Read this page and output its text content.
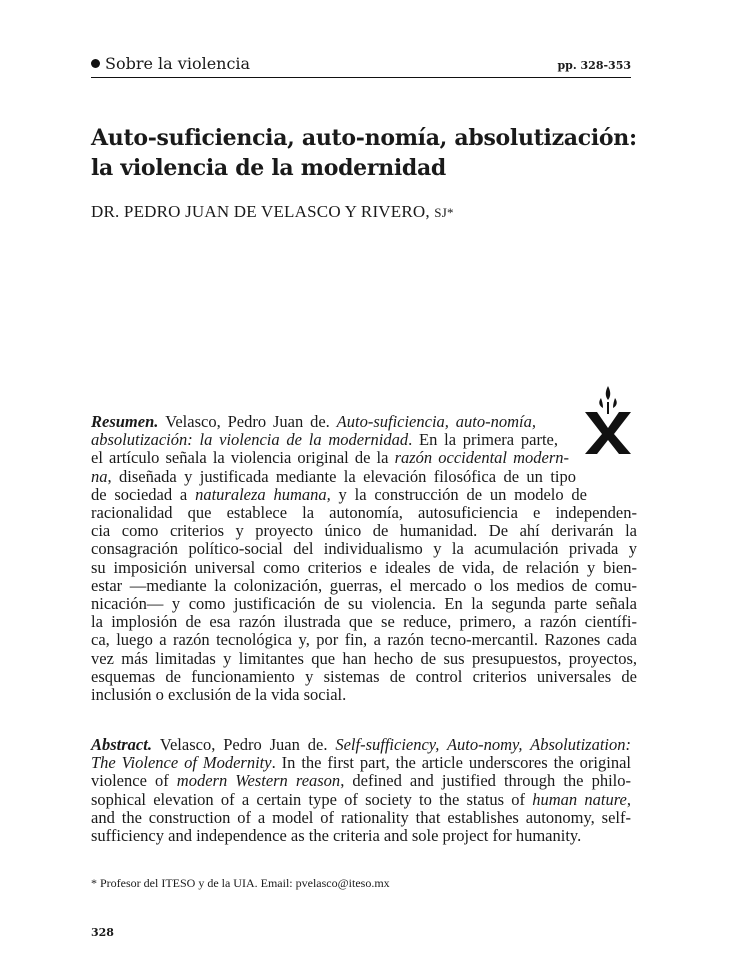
Sobre la violencia	pp. 328-353
Auto-suficiencia, auto-nomía, absolutización:
la violencia de la modernidad
DR. PEDRO JUAN DE VELASCO Y RIVERO, SJ*
Resumen. Velasco, Pedro Juan de. Auto-suficiencia, auto-nomía,
absolutización: la violencia de la modernidad. En la primera parte,
el artículo señala la violencia original de la razón occidental modern-
na, diseñada y justificada mediante la elevación filosófica de un tipo
de sociedad a naturaleza humana, y la construcción de un modelo de
racionalidad que establece la autonomía, autosuficiencia e independen-
cia como criterios y proyecto único de humanidad. De ahí derivarán la
consagración político-social del individualismo y la acumulación privada y
su imposición universal como criterios e ideales de vida, de relación y bien-
estar —mediante la colonización, guerras, el mercado o los medios de comu-
nicación— y como justificación de su violencia. En la segunda parte señala
la implosión de esa razón ilustrada que se reduce, primero, a razón científi-
ca, luego a razón tecnológica y, por fin, a razón tecno-mercantil. Razones cada
vez más limitadas y limitantes que han hecho de sus presupuestos, proyectos,
esquemas de funcionamiento y sistemas de control criterios universales de
inclusión o exclusión de la vida social.
Abstract. Velasco, Pedro Juan de. Self-sufficiency, Auto-nomy, Absolutization:
The Violence of Modernity. In the first part, the article underscores the original
violence of modern Western reason, defined and justified through the philo-
sophical elevation of a certain type of society to the status of human nature,
and the construction of a model of rationality that establishes autonomy, self-
sufficiency and independence as the criteria and sole project for humanity.
* Profesor del ITESO y de la UIA. Email: pvelasco@iteso.mx
328
